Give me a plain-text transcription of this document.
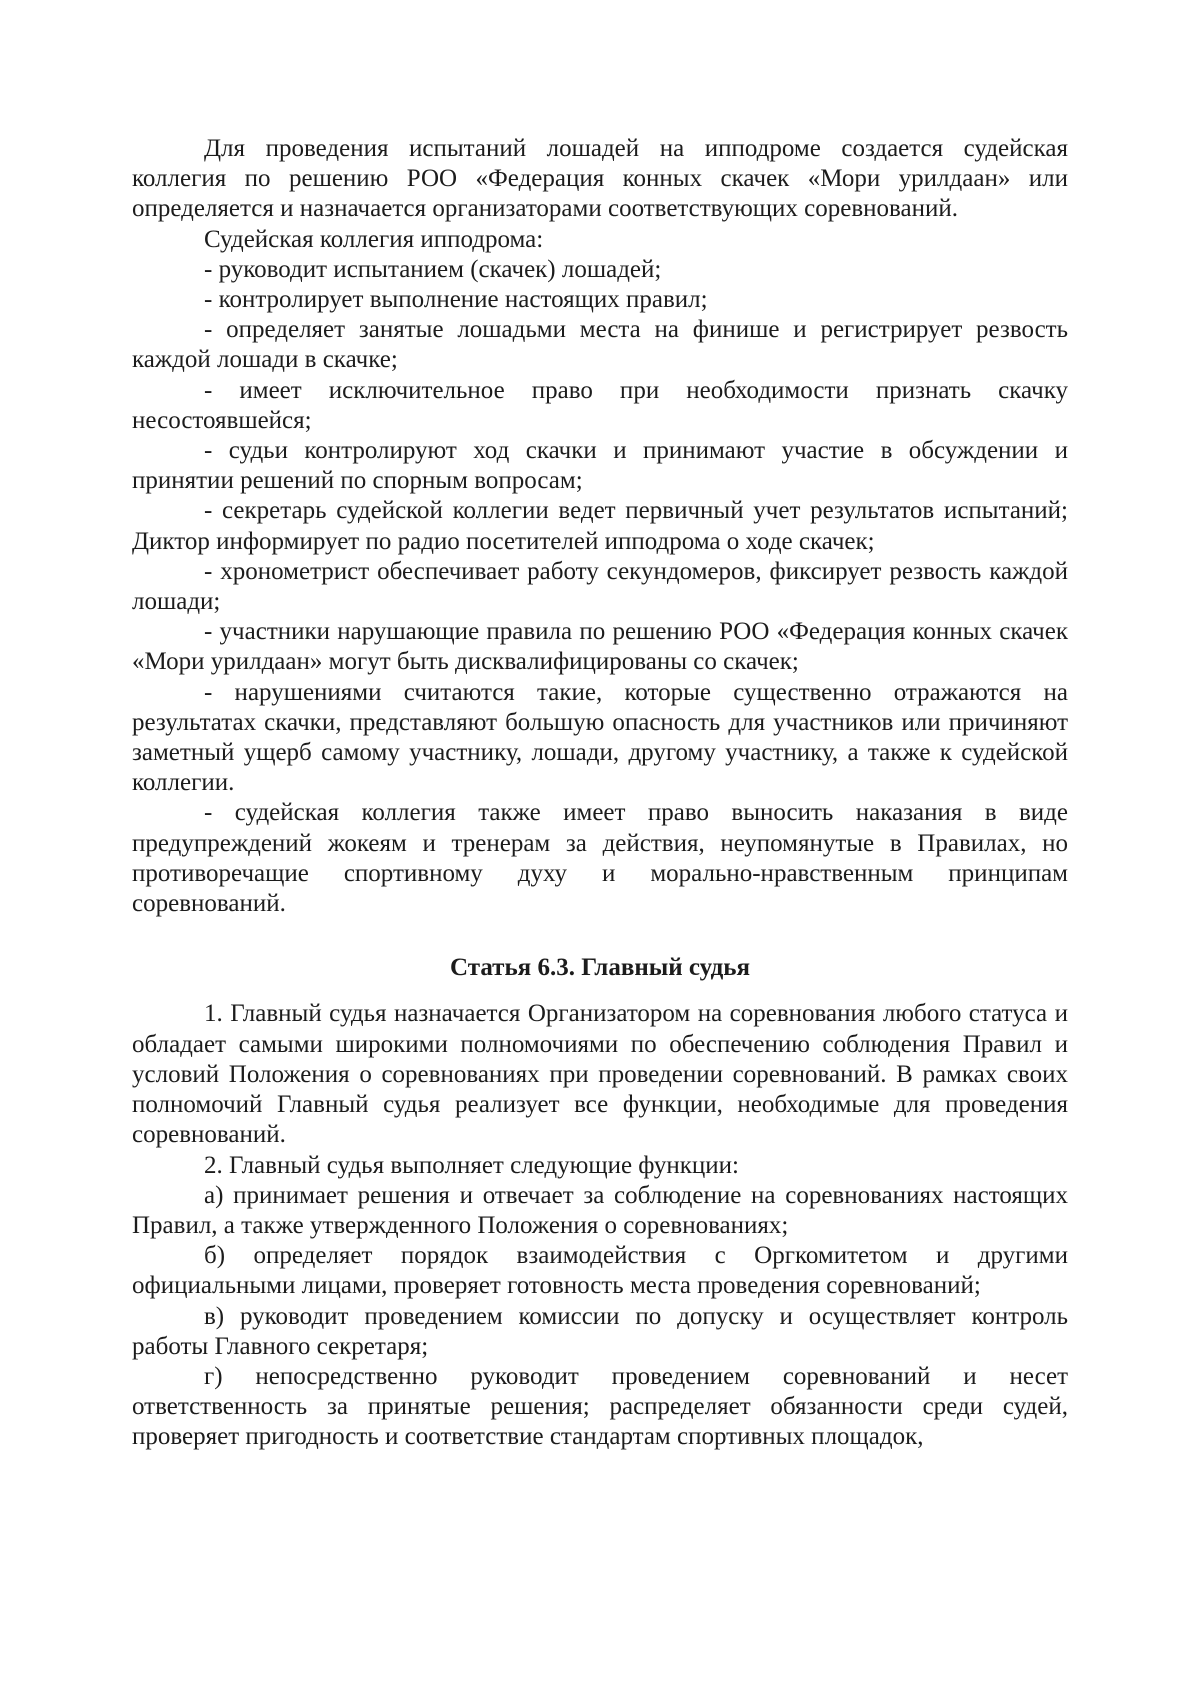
Для проведения испытаний лошадей на ипподроме создается судейская коллегия по решению РОО «Федерация конных скачек «Мори урилдаан» или определяется и назначается организаторами соответствующих соревнований.

Судейская коллегия ипподрома:

- руководит испытанием (скачек) лошадей;

- контролирует выполнение настоящих правил;

- определяет занятые лошадьми места на финише и регистрирует резвость каждой лошади в скачке;

- имеет исключительное право при необходимости признать скачку несостоявшейся;

- судьи контролируют ход скачки и принимают участие в обсуждении и принятии решений по спорным вопросам;

- секретарь судейской коллегии ведет первичный учет результатов испытаний; Диктор информирует по радио посетителей ипподрома о ходе скачек;

- хронометрист обеспечивает работу секундомеров, фиксирует резвость каждой лошади;

- участники нарушающие правила по решению РОО «Федерация конных скачек «Мори урилдаан» могут быть дисквалифицированы со скачек;

- нарушениями считаются такие, которые существенно отражаются на результатах скачки, представляют большую опасность для участников или причиняют заметный ущерб самому участнику, лошади, другому участнику, а также к судейской коллегии.

- судейская коллегия также имеет право выносить наказания в виде предупреждений жокеям и тренерам за действия, неупомянутые в Правилах, но противоречащие спортивному духу и морально-нравственным принципам соревнований.

Статья 6.3. Главный судья

1. Главный судья назначается Организатором на соревнования любого статуса и обладает самыми широкими полномочиями по обеспечению соблюдения Правил и условий Положения о соревнованиях при проведении соревнований. В рамках своих полномочий Главный судья реализует все функции, необходимые для проведения соревнований.

2. Главный судья выполняет следующие функции:

а) принимает решения и отвечает за соблюдение на соревнованиях настоящих Правил, а также утвержденного Положения о соревнованиях;

б) определяет порядок взаимодействия с Оргкомитетом и другими официальными лицами, проверяет готовность места проведения соревнований;

в) руководит проведением комиссии по допуску и осуществляет контроль работы Главного секретаря;

г) непосредственно руководит проведением соревнований и несет ответственность за принятые решения; распределяет обязанности среди судей, проверяет пригодность и соответствие стандартам спортивных площадок,
